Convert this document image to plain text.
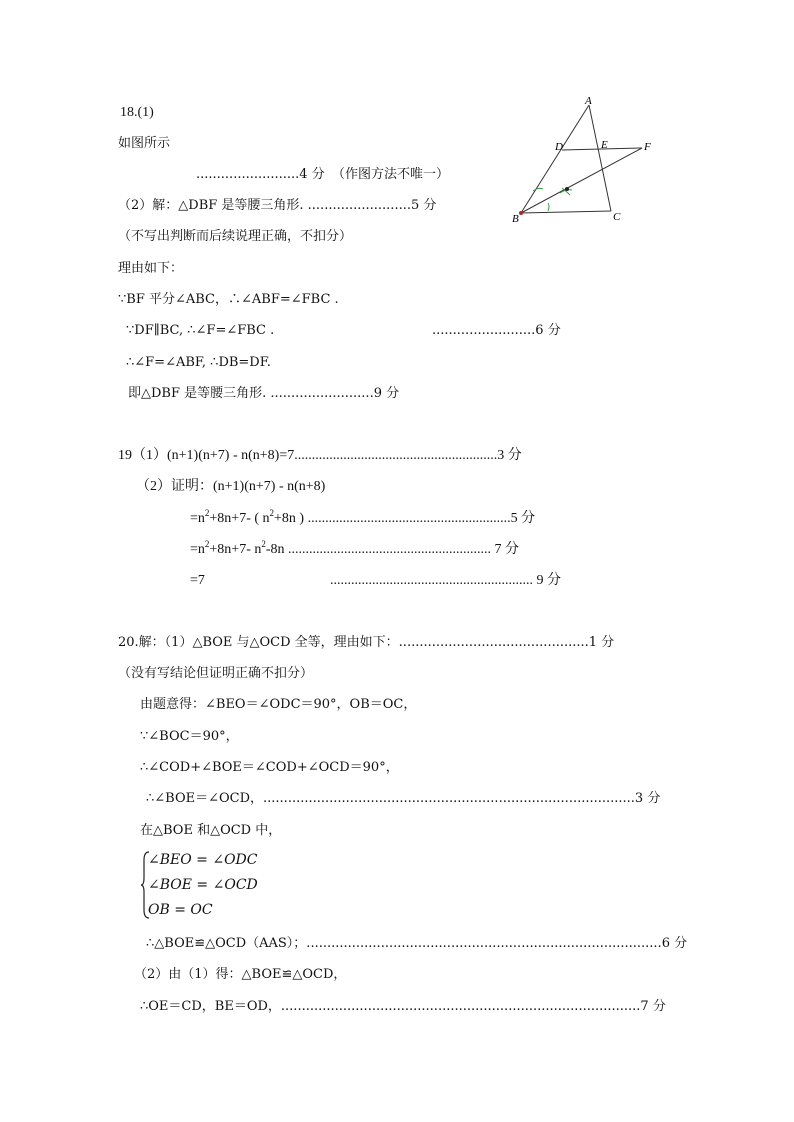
18.(1)
如图所示
.........................4 分 （作图方法不唯一）
（2）解：△DBF 是等腰三角形. .........................5 分
（不写出判断而后续说理正确，不扣分）
理由如下：
∵BF 平分∠ABC，∴∠ABF=∠FBC .
∵DF∥BC, ∴∠F=∠FBC .	.........................6 分
∴∠F=∠ABF, ∴DB=DF.
即△DBF 是等腰三角形. .........................9 分
A
D	E	F
B	C
19（1）(n+1)(n+7) - n(n+8)=7..........................................................3 分
（2）证明：(n+1)(n+7) - n(n+8)
$=n^2+8n+7-$ ( $n^2+8n$ ) ..........................................................5 分
$=n^2+8n+7-$ $n^2-8n$ .......................................................... 7 分
=7	.......................................................... 9 分
20.解：（1）△BOE 与△OCD 全等，理由如下：..............................................1 分
（没有写结论但证明正确不扣分）
由题意得：∠BEO＝∠ODC＝90°，OB＝OC，
∵∠BOC＝90°，
∴∠COD+∠BOE＝∠COD+∠OCD＝90°，
∴∠BOE＝∠OCD，..........................................................................................3 分
在△BOE 和△OCD 中，
∠BEO = ∠ODC
∠BOE = ∠OCD
OB = OC
∴△BOE≌△OCD（AAS）；......................................................................................6 分
（2）由（1）得：△BOE≌△OCD，
∴OE＝CD，BE＝OD，.......................................................................................7 分
